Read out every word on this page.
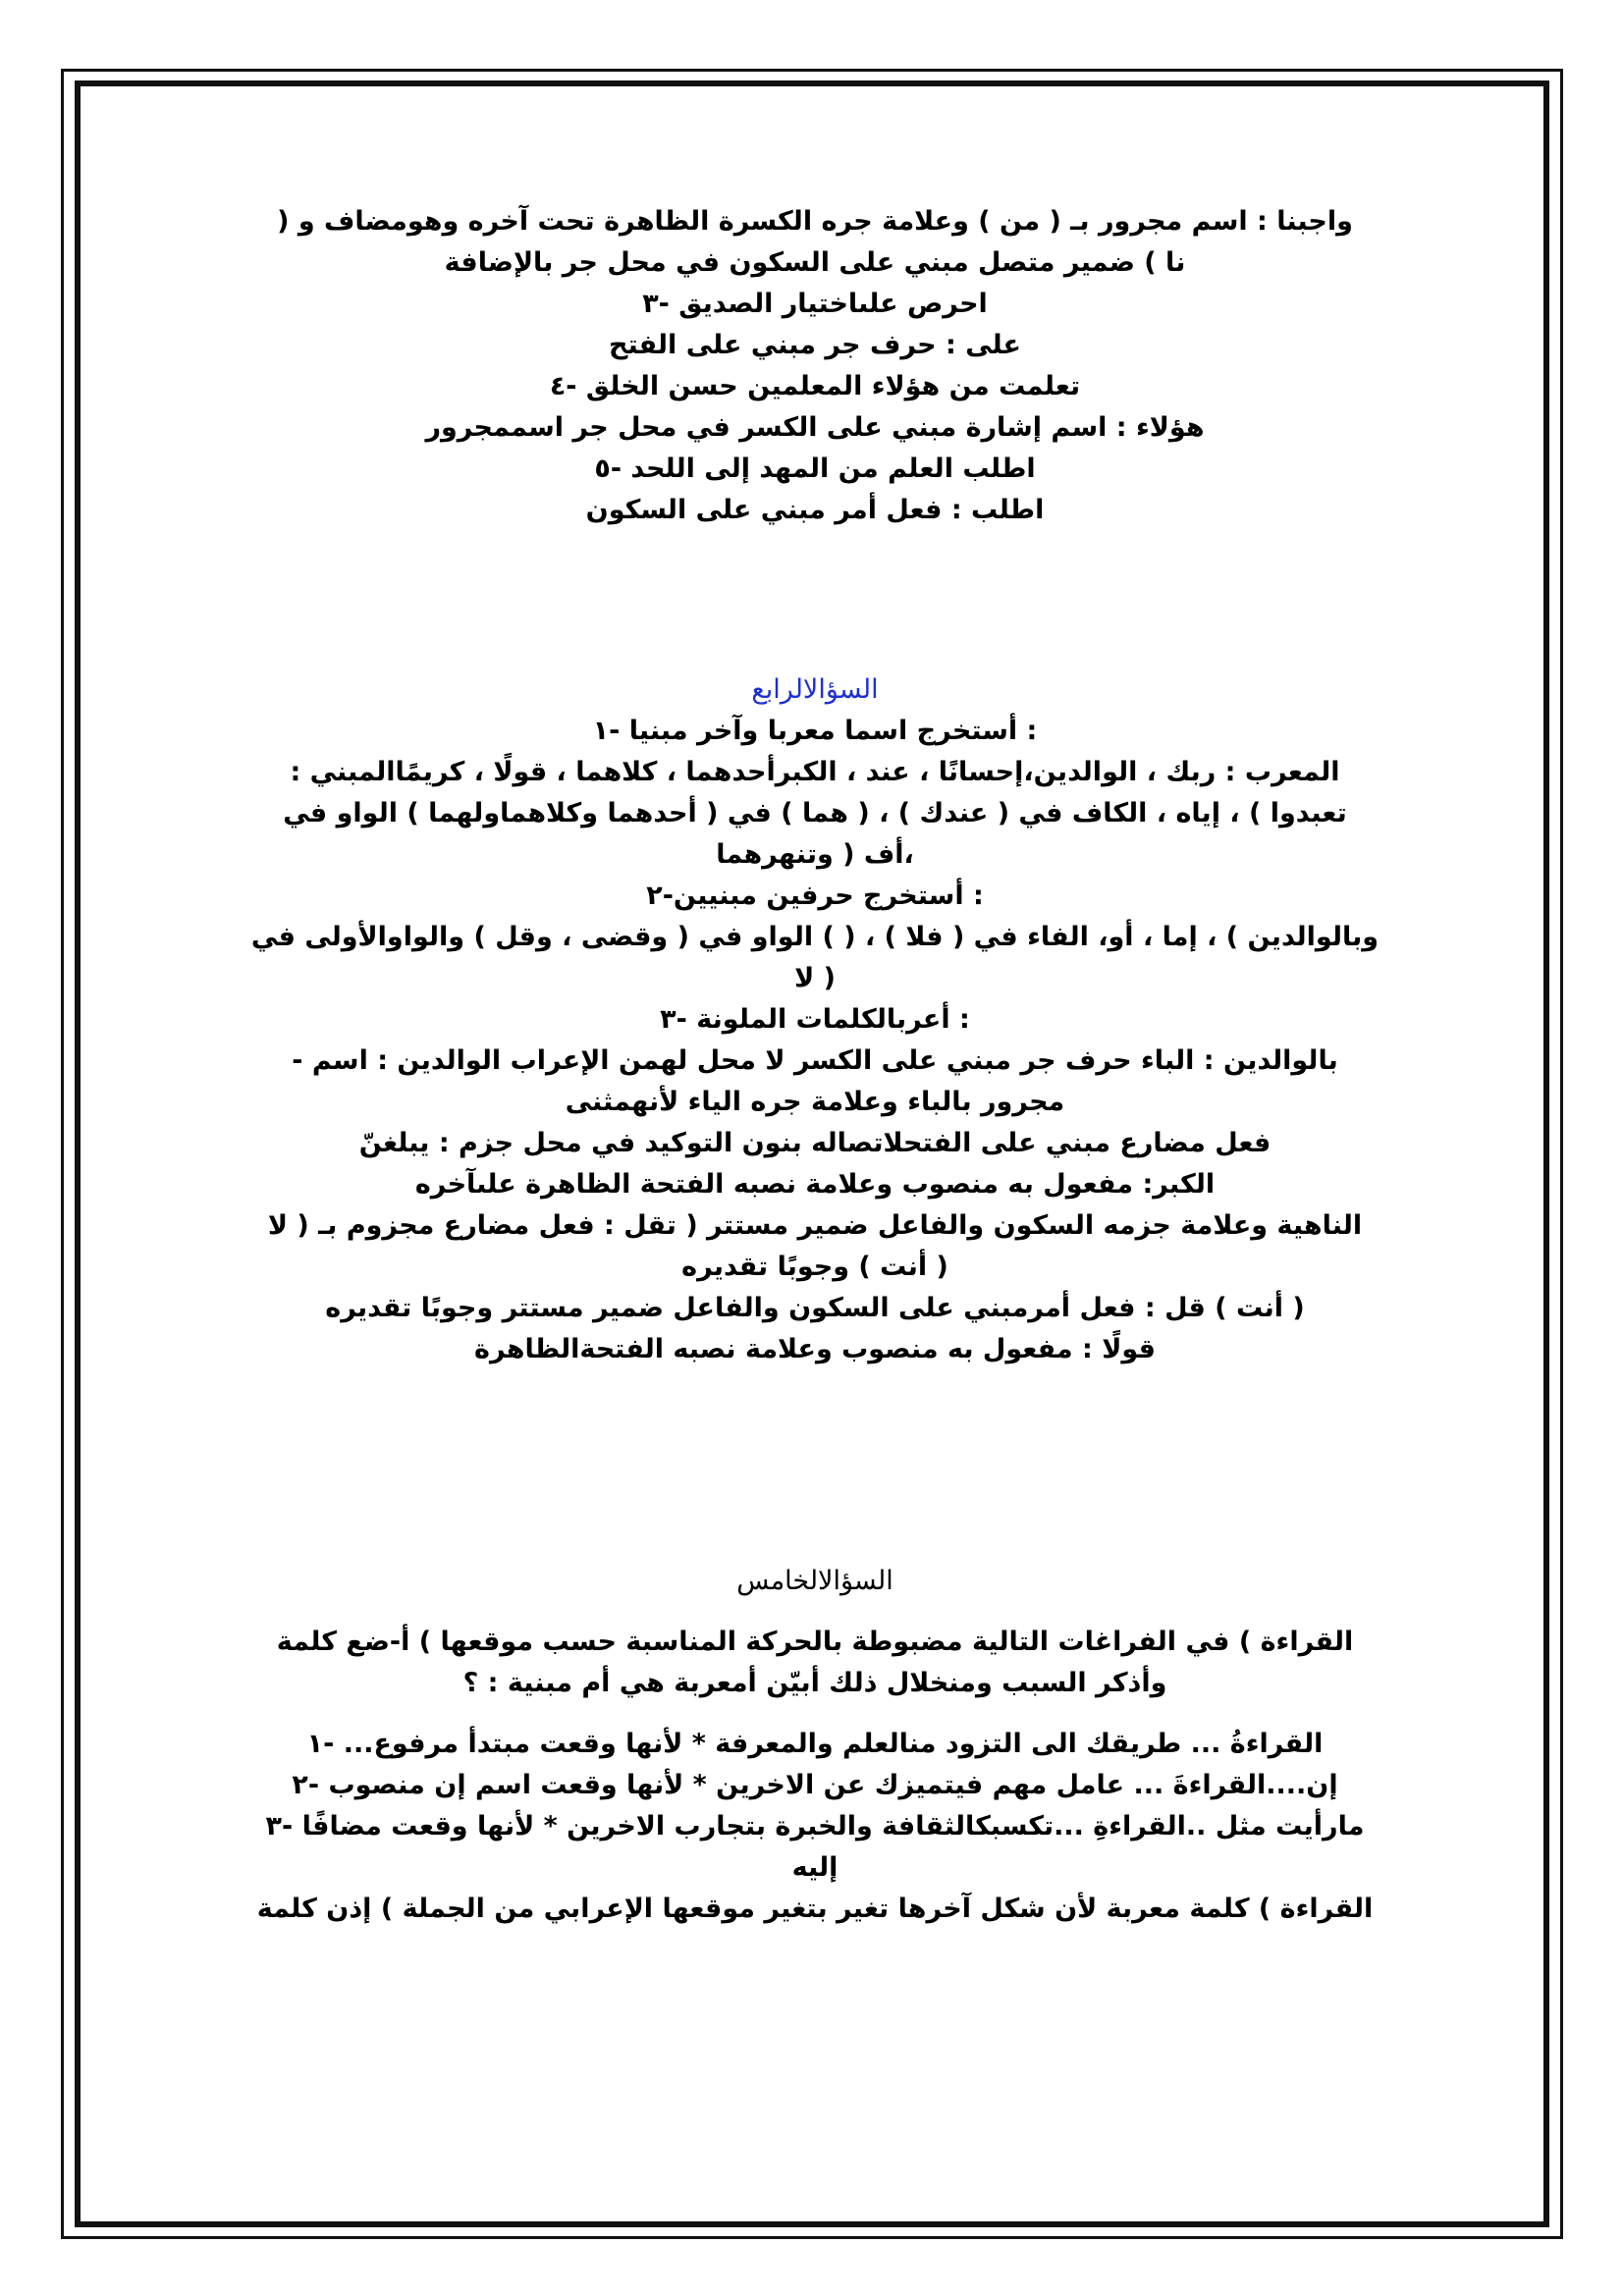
واجبنا : اسم مجرور بـ ( من ) وعلامة جره الكسرة الظاهرة تحت آخره وهومضاف و (
نا ) ضمير متصل مبني على السكون في محل جر بالإضافة
احرص علىاختيار الصديق -٣
على : حرف جر مبني على الفتح
تعلمت من هؤلاء المعلمين حسن الخلق -٤
هؤلاء : اسم إشارة مبني على الكسر في محل جر اسممجرور
اطلب العلم من المهد إلى اللحد -٥
اطلب : فعل أمر مبني على السكون
السؤالالرابع
: أستخرج اسما معربا وآخر مبنيا -١
المعرب : ربك ، الوالدين،إحسانًا ، عند ، الكبرأحدهما ، كلاهما ، قولًا ، كريمًاالمبني :
تعبدوا ) ، إياه ، الكاف في ( عندك ) ، ( هما ) في ( أحدهما وكلاهماولهما ) الواو في
،أف ( وتنهرهما
: أستخرج حرفين مبنيين-٢
وبالوالدين ) ، إما ، أو، الفاء في ( فلا ) ، ( ) الواو في ( وقضى ، وقل ) والواوالأولى في
( لا
: أعربالكلمات الملونة -٣
بالوالدين : الباء حرف جر مبني على الكسر لا محل لهمن الإعراب الوالدين : اسم -
مجرور بالباء وعلامة جره الياء لأنهمثنى
فعل مضارع مبني على الفتحلاتصاله بنون التوكيد في محل جزم : يبلغنّ
الكبر: مفعول به منصوب وعلامة نصبه الفتحة الظاهرة علىآخره
الناهية وعلامة جزمه السكون والفاعل ضمير مستتر ( تقل : فعل مضارع مجزوم بـ ( لا
( أنت ) وجوبًا تقديره
( أنت ) قل : فعل أمرمبني على السكون والفاعل ضمير مستتر وجوبًا تقديره
قولًا : مفعول به منصوب وعلامة نصبه الفتحةالظاهرة
السؤالالخامس
القراءة ) في الفراغات التالية مضبوطة بالحركة المناسبة حسب موقعها ) أ-ضع كلمة
وأذكر السبب ومنخلال ذلك أبيّن أمعربة هي أم مبنية : ؟
القراءةُ ... طريقك الى التزود منالعلم والمعرفة * لأنها وقعت مبتدأ مرفوع... -١
إن....القراءةَ ... عامل مهم فيتميزك عن الاخرين * لأنها وقعت اسم إن منصوب -٢
مارأيت مثل ..القراءةِ ...تكسبكالثقافة والخبرة بتجارب الاخرين * لأنها وقعت مضافًا -٣
إليه
القراءة ) كلمة معربة لأن شكل آخرها تغير بتغير موقعها الإعرابي من الجملة ) إذن كلمة
